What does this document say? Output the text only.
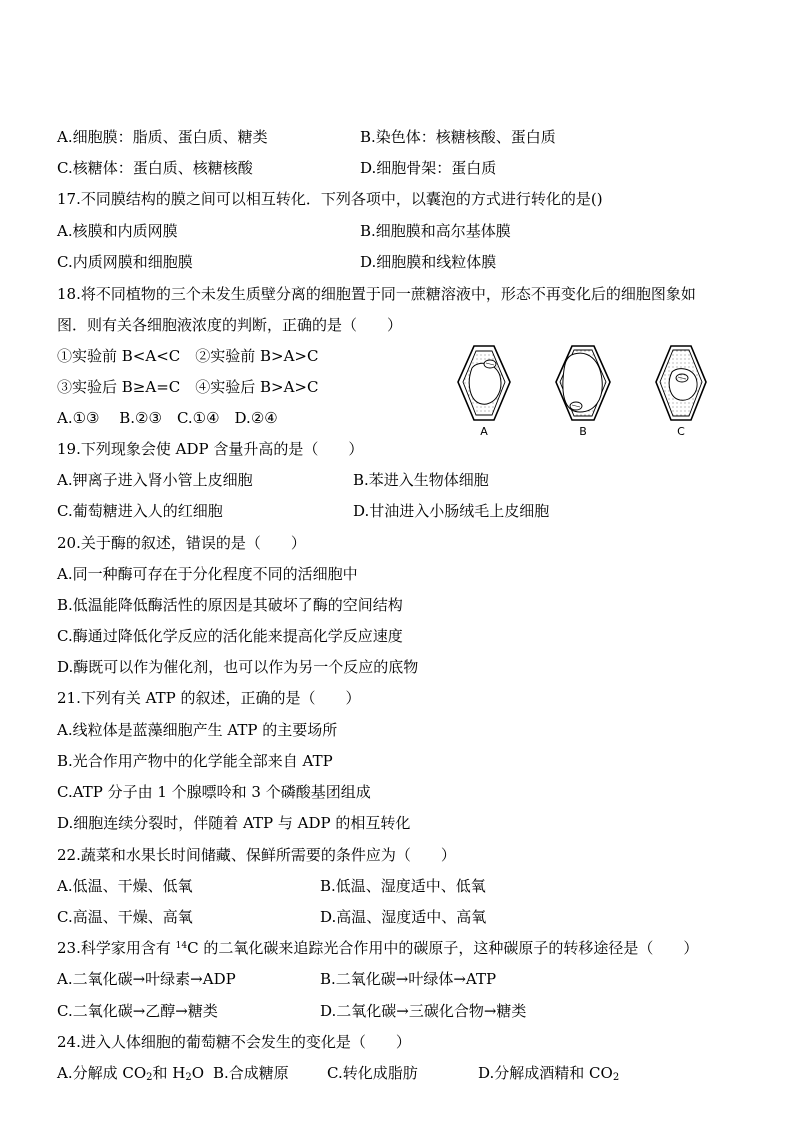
A.细胞膜：脂质、蛋白质、糖类	B.染色体：核糖核酸、蛋白质
C.核糖体：蛋白质、核糖核酸	D.细胞骨架：蛋白质
17.不同膜结构的膜之间可以相互转化．下列各项中，以囊泡的方式进行转化的是()
A.核膜和内质网膜	B.细胞膜和高尔基体膜
C.内质网膜和细胞膜	D.细胞膜和线粒体膜
18.将不同植物的三个未发生质壁分离的细胞置于同一蔗糖溶液中，形态不再变化后的细胞图象如
图．则有关各细胞液浓度的判断，正确的是（　　）
①实验前 B<A<C　②实验前 B>A>C
③实验后 B≥A=C　④实验后 B>A>C
A.①③　 B.②③　C.①④　D.②④
A	B	C
19.下列现象会使 ADP 含量升高的是（　　）
A.钾离子进入肾小管上皮细胞	B.苯进入生物体细胞
C.葡萄糖进入人的红细胞	D.甘油进入小肠绒毛上皮细胞
20.关于酶的叙述，错误的是（　　）
A.同一种酶可存在于分化程度不同的活细胞中
B.低温能降低酶活性的原因是其破坏了酶的空间结构
C.酶通过降低化学反应的活化能来提高化学反应速度
D.酶既可以作为催化剂，也可以作为另一个反应的底物
21.下列有关 ATP 的叙述，正确的是（　　）
A.线粒体是蓝藻细胞产生 ATP 的主要场所
B.光合作用产物中的化学能全部来自 ATP
C.ATP 分子由 1 个腺嘌呤和 3 个磷酸基团组成
D.细胞连续分裂时，伴随着 ATP 与 ADP 的相互转化
22.蔬菜和水果长时间储藏、保鲜所需要的条件应为（　　）
A.低温、干燥、低氧	B.低温、湿度适中、低氧
C.高温、干燥、高氧	D.高温、湿度适中、高氧
23.科学家用含有 $^{14}$C 的二氧化碳来追踪光合作用中的碳原子，这种碳原子的转移途径是（　　）
A.二氧化碳→叶绿素→ADP	B.二氧化碳→叶绿体→ATP
C.二氧化碳→乙醇→糖类	D.二氧化碳→三碳化合物→糖类
24.进入人体细胞的葡萄糖不会发生的变化是（　　）
A.分解成 $CO_2$和 $H_2O$ B.合成糖原	C.转化成脂肪	D.分解成酒精和 $CO_2$
